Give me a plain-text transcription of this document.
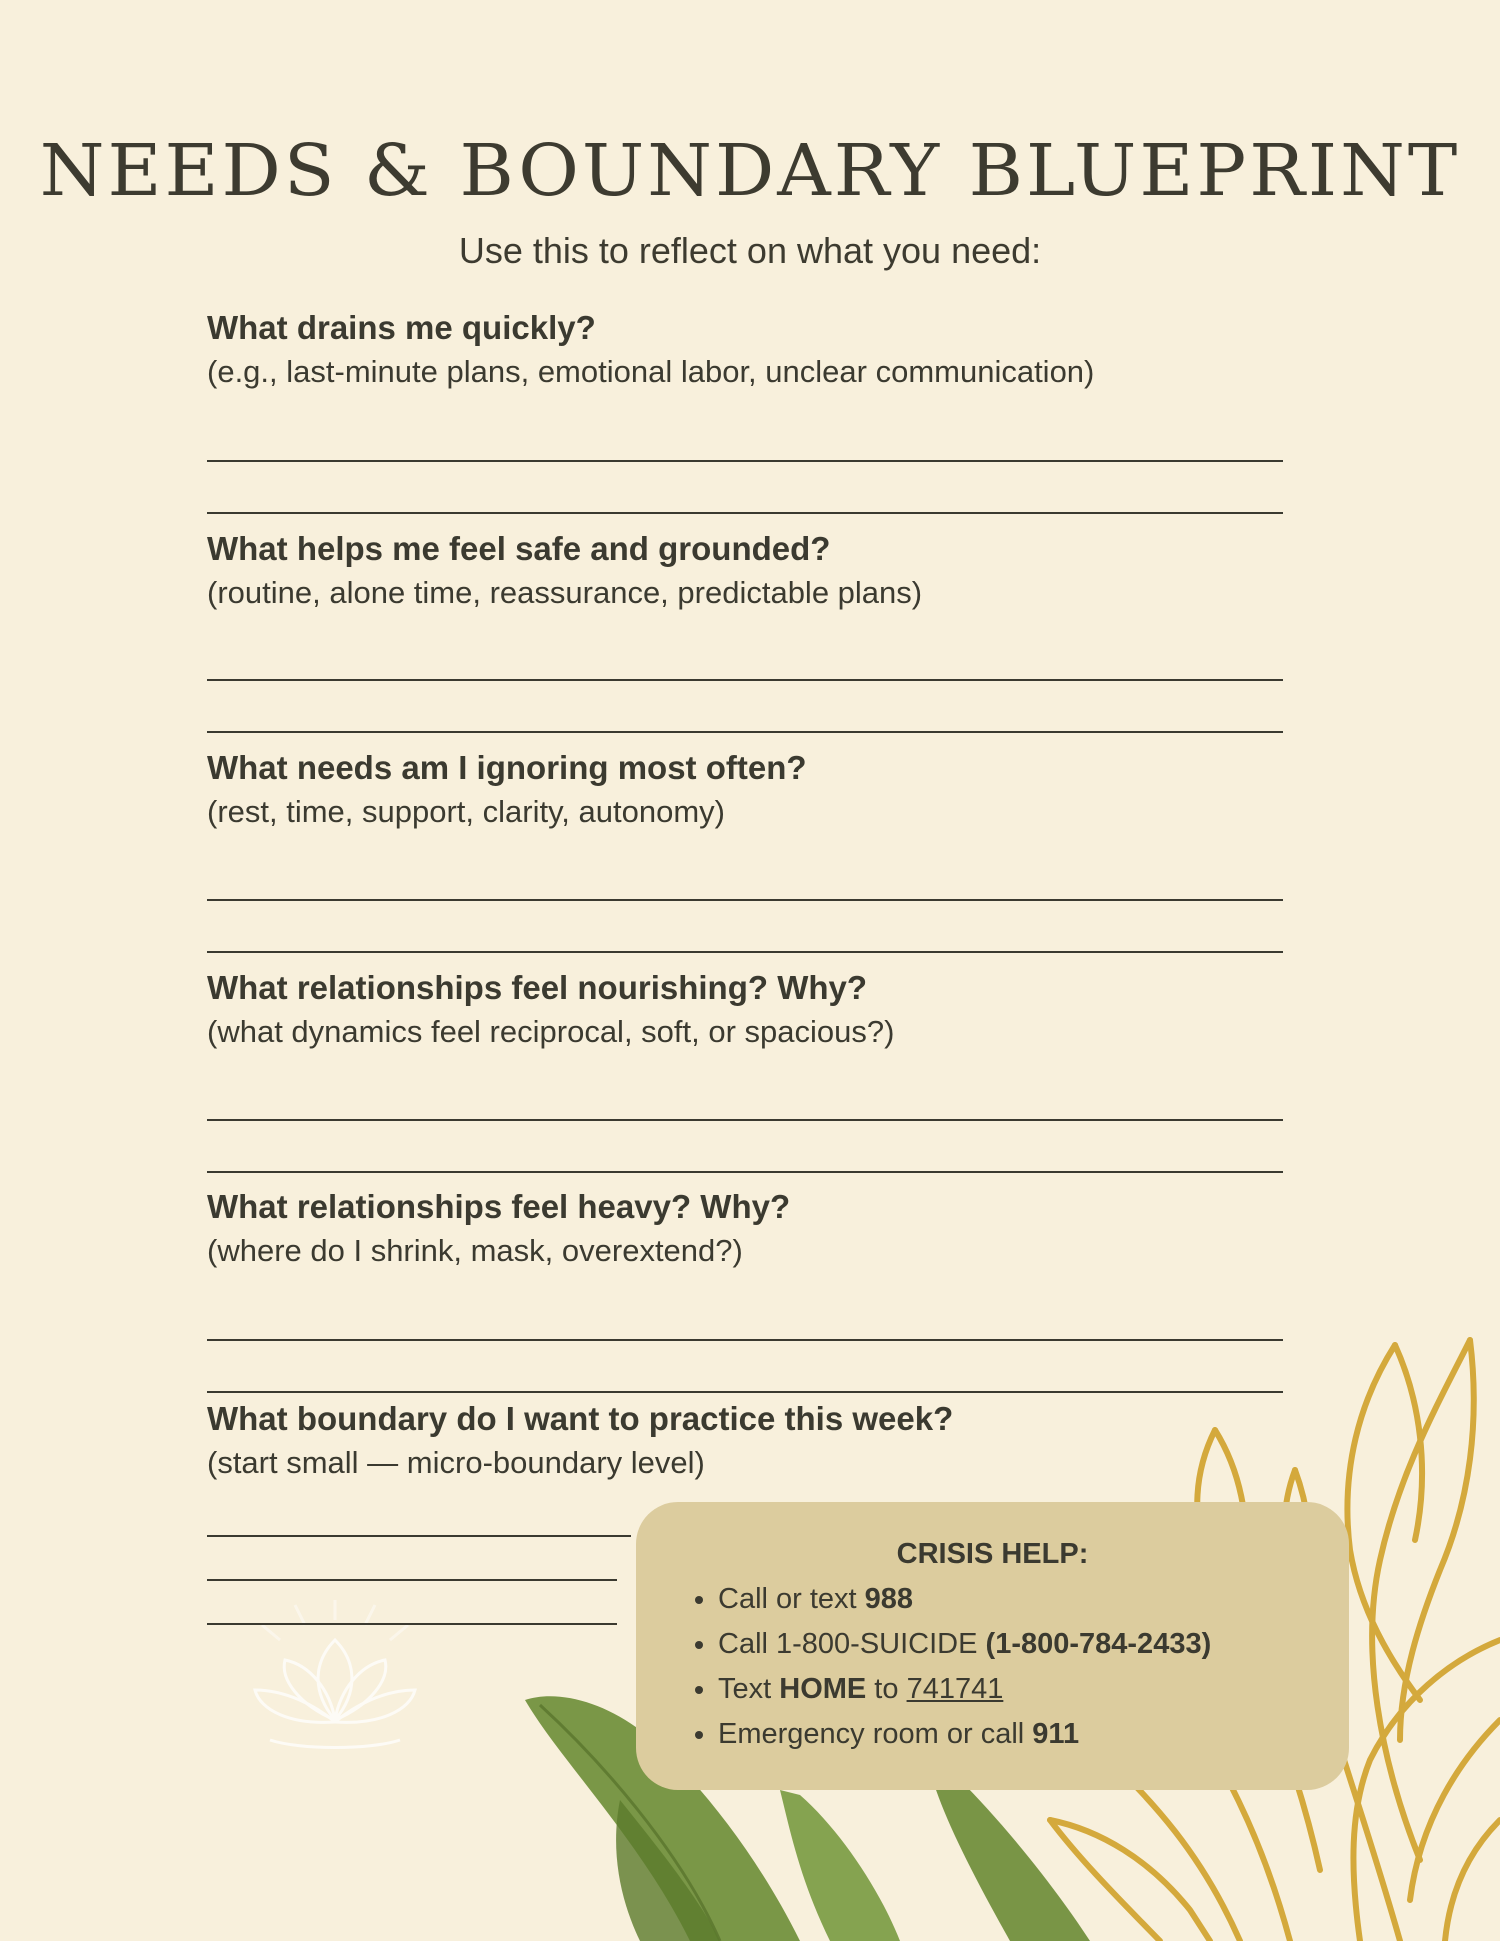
NEEDS & BOUNDARY BLUEPRINT
Use this to reflect on what you need:

What drains me quickly?

(e.g., last-minute plans, emotional labor, unclear communication)

What helps me feel safe and grounded?

(routine, alone time, reassurance, predictable plans)

What needs am I ignoring most often?

(rest, time, support, clarity, autonomy)

What relationships feel nourishing? Why?

(what dynamics feel reciprocal, soft, or spacious?)

What relationships feel heavy? Why?

(where do I shrink, mask, overextend?)

What boundary do I want to practice this week?

(start small — micro-boundary level)

CRISIS HELP:
• Call or text 988
• Call 1-800-SUICIDE (1-800-784-2433)
• Text HOME to 741741
• Emergency room or call 911
